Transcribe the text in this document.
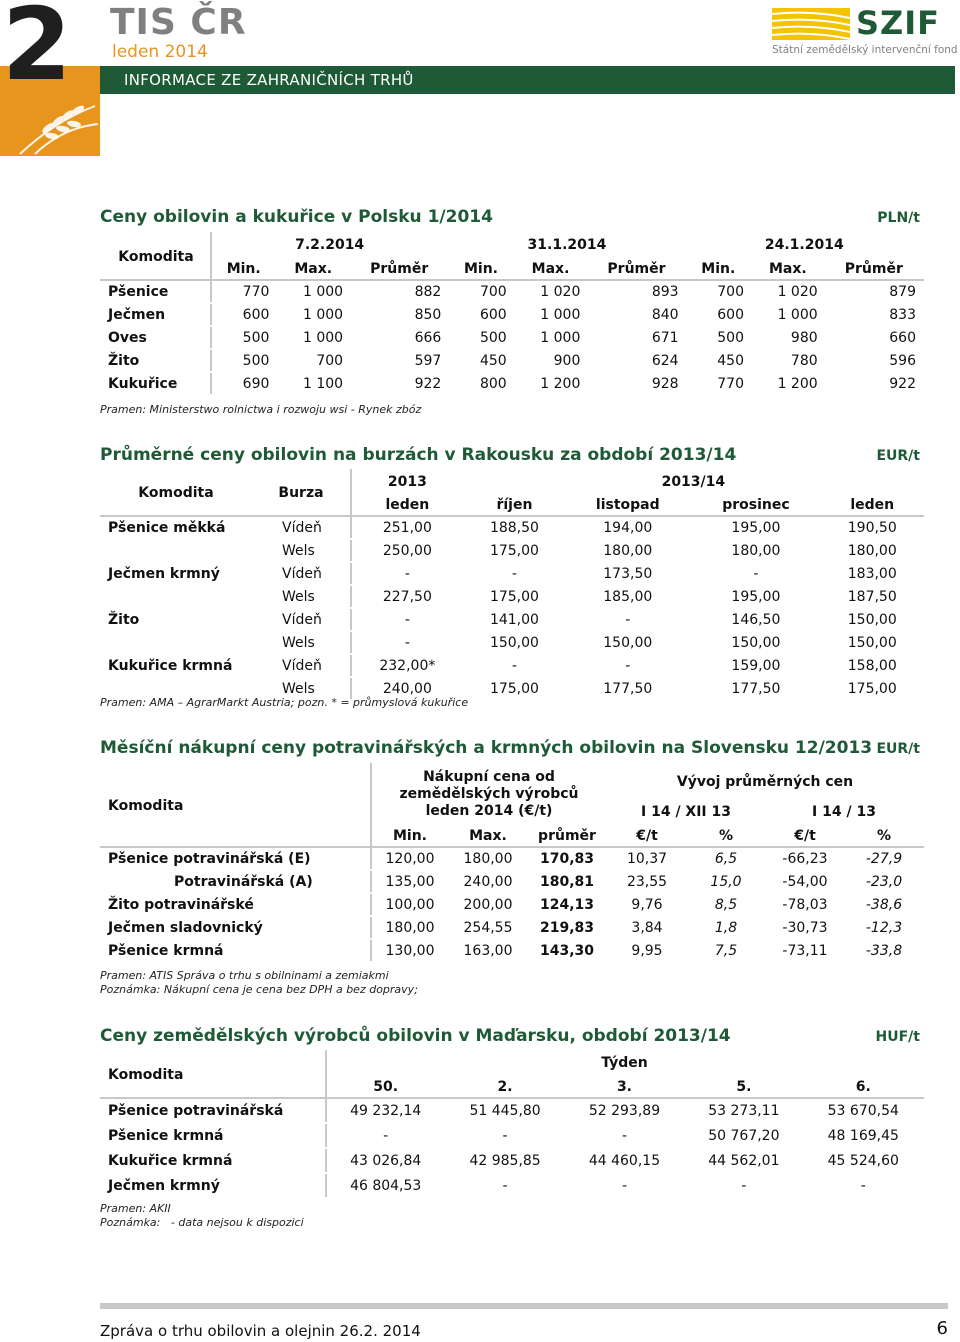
2 TIS ČR
leden 2014
INFORMACE ZE ZAHRANIČNÍCH TRHŮ
SZIF
Státní zemědělský intervenční fond
Ceny obilovin a kukuřice v Polsku 1/2014	PLN/t
Komodita	7.2.2014			31.1.2014			24.1.2014		
	Min.	Max.	Průměr	Min.	Max.	Průměr	Min.	Max.	Průměr
Pšenice	770	1 000	882	700	1 020	893	700	1 020	879
Ječmen	600	1 000	850	600	1 000	840	600	1 000	833
Oves	500	1 000	666	500	1 000	671	500	980	660
Žito	500	700	597	450	900	624	450	780	596
Kukuřice	690	1 100	922	800	1 200	928	770	1 200	922
Pramen: Ministerstwo rolnictwa i rozwoju wsi - Rynek zbóz
Průměrné ceny obilovin na burzách v Rakousku za období 2013/14	EUR/t
Komodita	Burza	2013	2013/14			
		leden	říjen	listopad	prosinec	leden
Pšenice měkká	Vídeň	251,00	188,50	194,00	195,00	190,50
	Wels	250,00	175,00	180,00	180,00	180,00
Ječmen krmný	Vídeň	-	-	173,50	-	183,00
	Wels	227,50	175,00	185,00	195,00	187,50
Žito	Vídeň	-	141,00	-	146,50	150,00
	Wels	-	150,00	150,00	150,00	150,00
Kukuřice krmná	Vídeň	232,00*	-	-	159,00	158,00
	Wels	240,00	175,00	177,50	177,50	175,00
Pramen: AMA – AgrarMarkt Austria; pozn. * = průmyslová kukuřice
Měsíční nákupní ceny potravinářských a krmných obilovin na Slovensku 12/2013 EUR/t
Komodita	Nákupní cena od zemědělských výrobců leden 2014 (€/t)			Vývoj průměrných cen			
				I 14 / XII 13		I 14 / 13	
	Min.	Max.	průměr	€/t	%	€/t	%
Pšenice potravinářská (E)	120,00	180,00	170,83	10,37	6,5	-66,23	-27,9
Potravinářská (A)	135,00	240,00	180,81	23,55	15,0	-54,00	-23,0
Žito potravinářské	100,00	200,00	124,13	9,76	8,5	-78,03	-38,6
Ječmen sladovnický	180,00	254,55	219,83	3,84	1,8	-30,73	-12,3
Pšenice krmná	130,00	163,00	143,30	9,95	7,5	-73,11	-33,8
Pramen: ATIS Správa o trhu s obilninami a zemiakmi
Poznámka: Nákupní cena je cena bez DPH a bez dopravy;
Ceny zemědělských výrobců obilovin v Maďarsku, období 2013/14	HUF/t
Komodita	Týden				
	50.	2.	3.	5.	6.
Pšenice potravinářská	49 232,14	51 445,80	52 293,89	53 273,11	53 670,54
Pšenice krmná	-	-	-	50 767,20	48 169,45
Kukuřice krmná	43 026,84	42 985,85	44 460,15	44 562,01	45 524,60
Ječmen krmný	46 804,53	-	-	-	-
Pramen: AKII
Poznámka: - data nejsou k dispozici
Zpráva o trhu obilovin a olejnin 26.2. 2014	6
